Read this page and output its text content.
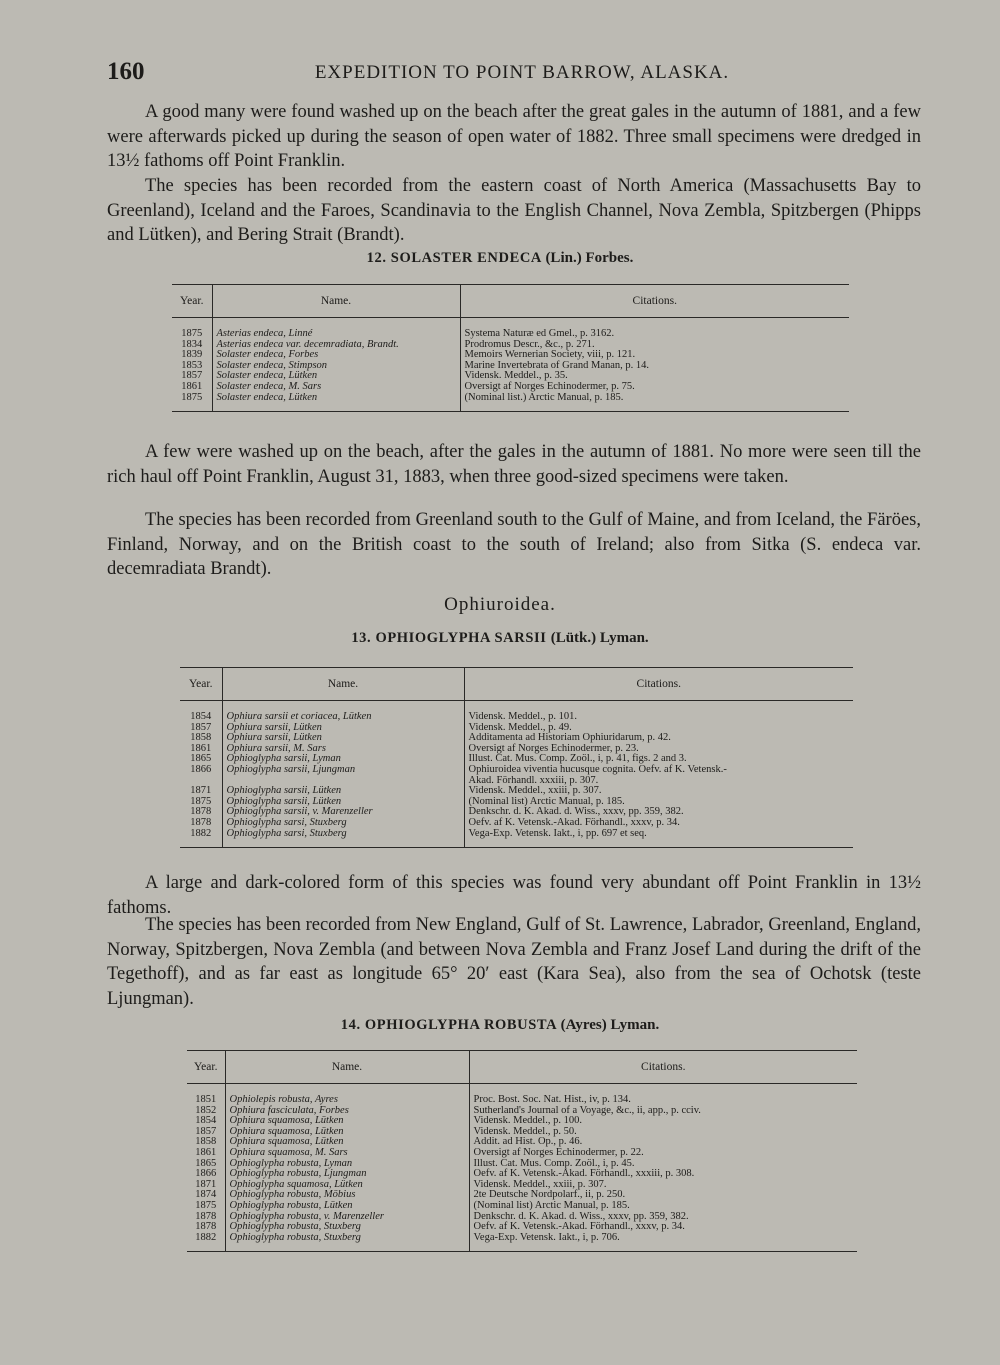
160	EXPEDITION TO POINT BARROW, ALASKA.

A good many were found washed up on the beach after the great gales in the autumn of 1881, and a few were afterwards picked up during the season of open water of 1882. Three small specimens were dredged in 13½ fathoms off Point Franklin.

The species has been recorded from the eastern coast of North America (Massachusetts Bay to Greenland), Iceland and the Faroes, Scandinavia to the English Channel, Nova Zembla, Spitzbergen (Phipps and Lütken), and Bering Strait (Brandt).

12. SOLASTER ENDECA (Lin.) Forbes.
Year.	Name.	Citations.
1875	Asterias endeca, Linné	Systema Naturæ ed Gmel., p. 3162.
1834	Asterias endeca var. decemradiata, Brandt.	Prodromus Descr., &c., p. 271.
1839	Solaster endeca, Forbes	Memoirs Wernerian Society, viii, p. 121.
1853	Solaster endeca, Stimpson	Marine Invertebrata of Grand Manan, p. 14.
1857	Solaster endeca, Lütken	Vidensk. Meddel., p. 35.
1861	Solaster endeca, M. Sars	Oversigt af Norges Echinodermer, p. 75.
1875	Solaster endeca, Lütken	(Nominal list.) Arctic Manual, p. 185.

A few were washed up on the beach, after the gales in the autumn of 1881. No more were seen till the rich haul off Point Franklin, August 31, 1883, when three good-sized specimens were taken.

The species has been recorded from Greenland south to the Gulf of Maine, and from Iceland, the Färöes, Finland, Norway, and on the British coast to the south of Ireland; also from Sitka (S. endeca var. decemradiata Brandt).

Ophiuroidea.
13. OPHIOGLYPHA SARSII (Lütk.) Lyman.
Year.	Name.	Citations.
1854	Ophiura sarsii et coriacea, Lütken	Vidensk. Meddel., p. 101.
1857	Ophiura sarsii, Lütken	Vidensk. Meddel., p. 49.
1858	Ophiura sarsii, Lütken	Additamenta ad Historiam Ophiuridarum, p. 42.
1861	Ophiura sarsii, M. Sars	Oversigt af Norges Echinodermer, p. 23.
1865	Ophioglypha sarsii, Lyman	Illust. Cat. Mus. Comp. Zoöl., i, p. 41, figs. 2 and 3.
1866	Ophioglypha sarsii, Ljungman	Ophiuroidea viventia hucusque cognita. Oefv. af K. Vetensk.-
		Akad. Förhandl. xxxiii, p. 307.
1871	Ophioglypha sarsii, Lütken	Vidensk. Meddel., xxiii, p. 307.
1875	Ophioglypha sarsii, Lütken	(Nominal list) Arctic Manual, p. 185.
1878	Ophioglypha sarsii, v. Marenzeller	Denkschr. d. K. Akad. d. Wiss., xxxv, pp. 359, 382.
1878	Ophioglypha sarsi, Stuxberg	Oefv. af K. Vetensk.-Akad. Förhandl., xxxv, p. 34.
1882	Ophioglypha sarsi, Stuxberg	Vega-Exp. Vetensk. Iakt., i, pp. 697 et seq.

A large and dark-colored form of this species was found very abundant off Point Franklin in 13½ fathoms.

The species has been recorded from New England, Gulf of St. Lawrence, Labrador, Greenland, England, Norway, Spitzbergen, Nova Zembla (and between Nova Zembla and Franz Josef Land during the drift of the Tegethoff), and as far east as longitude 65° 20′ east (Kara Sea), also from the sea of Ochotsk (teste Ljungman).

14. OPHIOGLYPHA ROBUSTA (Ayres) Lyman.
Year.	Name.	Citations.
1851	Ophiolepis robusta, Ayres	Proc. Bost. Soc. Nat. Hist., iv, p. 134.
1852	Ophiura fasciculata, Forbes	Sutherland's Journal of a Voyage, &c., ii, app., p. cciv.
1854	Ophiura squamosa, Lütken	Vidensk. Meddel., p. 100.
1857	Ophiura squamosa, Lütken	Vidensk. Meddel., p. 50.
1858	Ophiura squamosa, Lütken	Addit. ad Hist. Op., p. 46.
1861	Ophiura squamosa, M. Sars	Oversigt af Norges Echinodermer, p. 22.
1865	Ophioglypha robusta, Lyman	Illust. Cat. Mus. Comp. Zoöl., i, p. 45.
1866	Ophioglypha robusta, Ljungman	Oefv. af K. Vetensk.-Akad. Förhandl., xxxiii, p. 308.
1871	Ophioglypha squamosa, Lütken	Vidensk. Meddel., xxiii, p. 307.
1874	Ophioglypha robusta, Möbius	2te Deutsche Nordpolarf., ii, p. 250.
1875	Ophioglypha robusta, Lütken	(Nominal list) Arctic Manual, p. 185.
1878	Ophioglypha robusta, v. Marenzeller	Denkschr. d. K. Akad. d. Wiss., xxxv, pp. 359, 382.
1878	Ophioglypha robusta, Stuxberg	Oefv. af K. Vetensk.-Akad. Förhandl., xxxv, p. 34.
1882	Ophioglypha robusta, Stuxberg	Vega-Exp. Vetensk. Iakt., i, p. 706.
